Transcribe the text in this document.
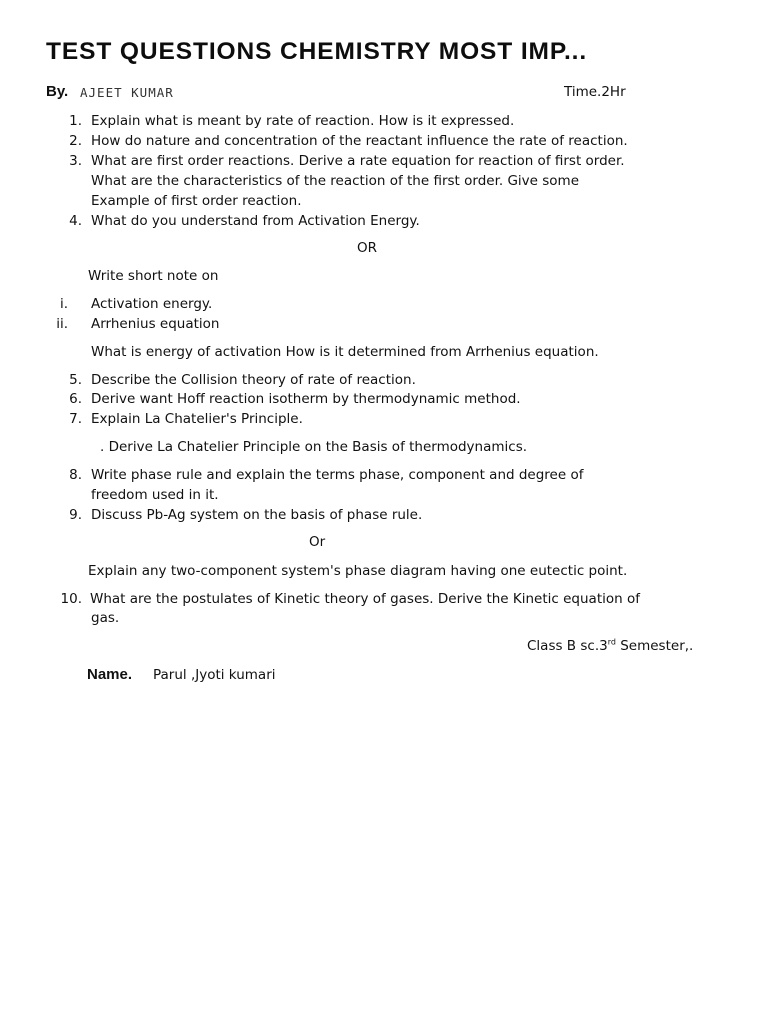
TEST QUESTIONS CHEMISTRY MOST IMP...
By. AJEET KUMAR	Time.2Hr
1. Explain what is meant by rate of reaction. How is it expressed.
2. How do nature and concentration of the reactant influence the rate of reaction.
3. What are first order reactions. Derive a rate equation for reaction of first order.
What are the characteristics of the reaction of the first order. Give some
Example of first order reaction.
4. What do you understand from Activation Energy.
OR
Write short note on
i. Activation energy.
ii. Arrhenius equation
What is energy of activation How is it determined from Arrhenius equation.
5. Describe the Collision theory of rate of reaction.
6. Derive want Hoff reaction isotherm by thermodynamic method.
7. Explain La Chatelier's Principle.
. Derive La Chatelier Principle on the Basis of thermodynamics.
8. Write phase rule and explain the terms phase, component and degree of
freedom used in it.
9. Discuss Pb-Ag system on the basis of phase rule.
Or
Explain any two-component system's phase diagram having one eutectic point.
10. What are the postulates of Kinetic theory of gases. Derive the Kinetic equation of
gas.
Class B sc.3rd Semester,.
Name. Parul ,Jyoti kumari
